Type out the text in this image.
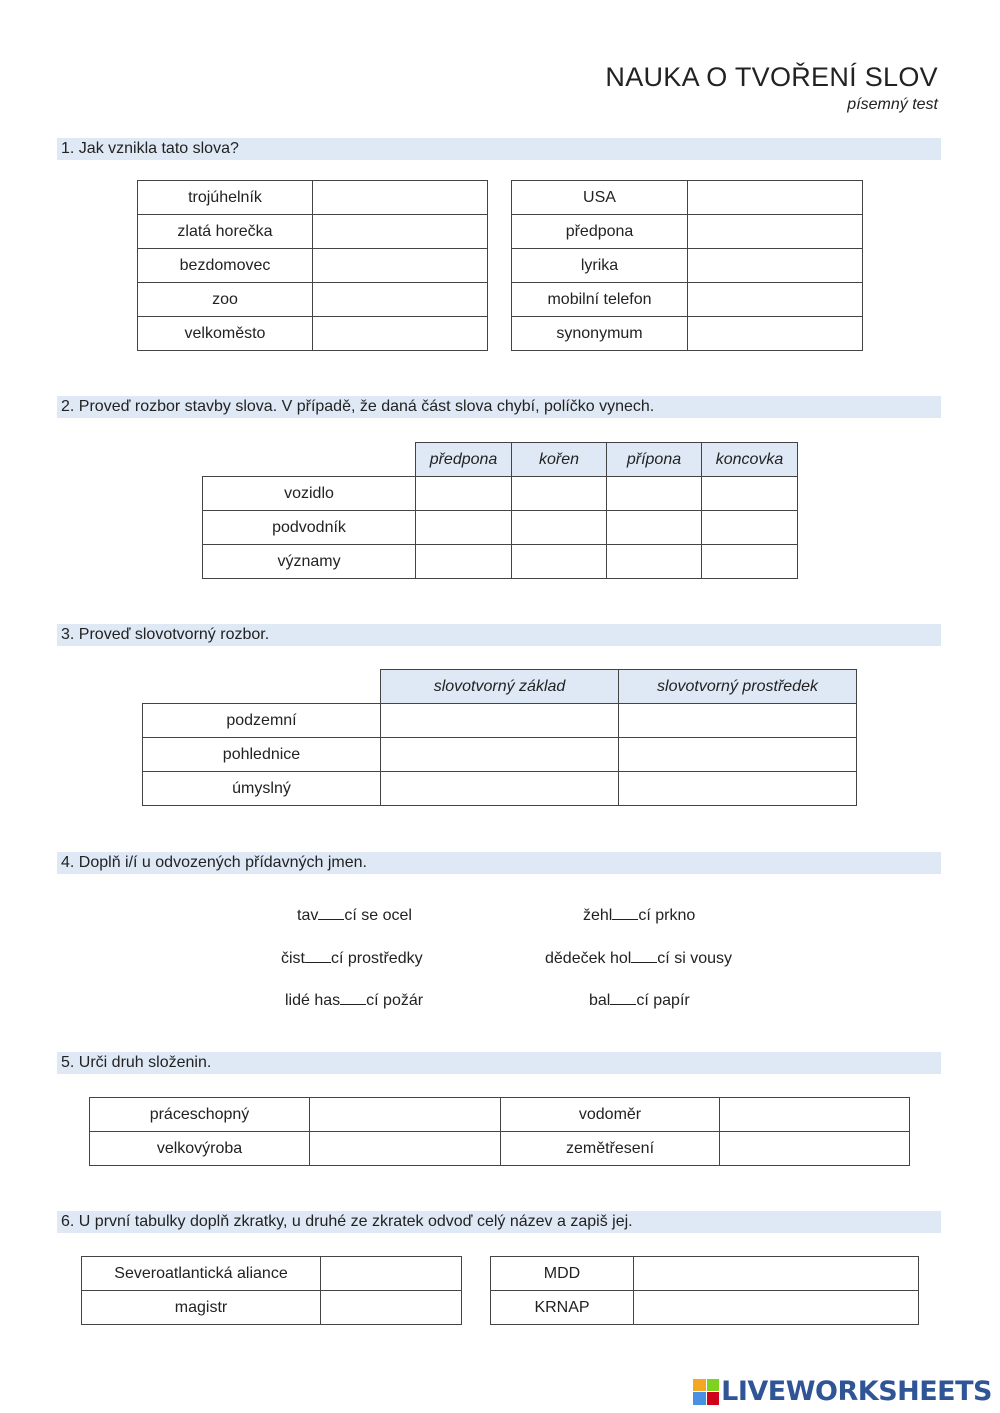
NAUKA O TVOŘENÍ SLOV
písemný test
1. Jak vznikla tato slova?
trojúhelník	
zlatá horečka	
bezdomovec	
zoo	
velkoměsto	
USA	
předpona	
lyrika	
mobilní telefon	
synonymum	
2. Proveď rozbor stavby slova. V případě, že daná část slova chybí, políčko vynech.
	předpona	kořen	přípona	koncovka
vozidlo				
podvodník				
významy				
3. Proveď slovotvorný rozbor.
	slovotvorný základ	slovotvorný prostředek
podzemní		
pohlednice		
úmyslný		
4. Doplň i/í u odvozených přídavných jmen.
tav cí se ocel	žehl cí prkno
čist cí prostředky	dědeček hol cí si vousy
lidé has cí požár	bal cí papír
5. Urči druh složenin.
práceschopný		vodoměr	
velkovýroba		zemětřesení	
6. U první tabulky doplň zkratky, u druhé ze zkratek odvoď celý název a zapiš jej.
Severoatlantická aliance	
magistr	
MDD	
KRNAP	
LIVEWORKSHEETS
